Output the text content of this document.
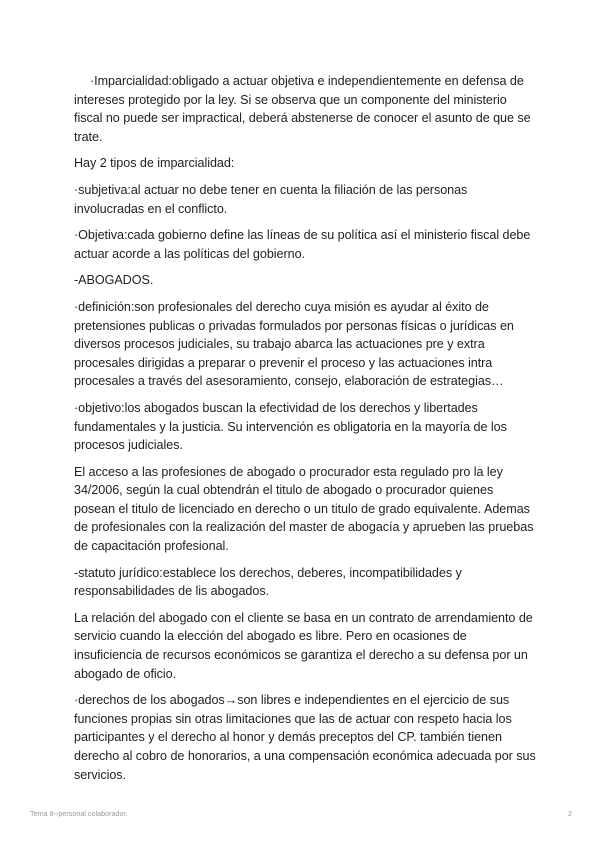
·Imparcialidad:obligado a actuar objetiva e independientemente en defensa de intereses protegido por la ley. Si se observa que un componente del ministerio fiscal no puede ser impractical, deberá abstenerse de conocer el asunto de que se trate.

Hay 2 tipos de imparcialidad:

·subjetiva:al actuar no debe tener en cuenta la filiación de las personas involucradas en el conflicto.

·Objetiva:cada gobierno define las líneas de su política así el ministerio fiscal debe actuar acorde a las políticas del gobierno.

-ABOGADOS.

·definición:son profesionales del derecho cuya misión es ayudar al éxito de pretensiones publicas o privadas formulados por personas físicas o jurídicas en diversos procesos judiciales, su trabajo abarca las actuaciones pre y extra procesales dirigidas a preparar o prevenir el proceso y las actuaciones intra procesales a través del asesoramiento, consejo, elaboración de estrategias…

·objetivo:los abogados buscan la efectividad de los derechos y libertades fundamentales y la justicia. Su intervención es obligatoria en la mayoría de los procesos judiciales.

El acceso a las profesiones de abogado o procurador esta regulado pro la ley 34/2006, según la cual obtendrán el titulo de abogado o procurador quienes posean el titulo de licenciado en derecho o un titulo de grado equivalente. Ademas de profesionales con la realización del master de abogacía y aprueben las pruebas de capacitación profesional.

-statuto jurídico:establece los derechos, deberes, incompatibilidades y responsabilidades de lis abogados.

La relación del abogado con el cliente se basa en un contrato de arrendamiento de servicio cuando la elección del abogado es libre. Pero en ocasiones de insuficiencia de recursos económicos se garantiza el derecho a su defensa por un abogado de oficio.

·derechos de los abogados→son libres e independientes en el ejercicio de sus funciones propias sin otras limitaciones que las de actuar con respeto hacia los participantes y el derecho al honor y demás preceptos del CP. también tienen derecho al cobro de honorarios, a una compensación económica adecuada por sus servicios.

Tema 8-›personal colaborador.	2
